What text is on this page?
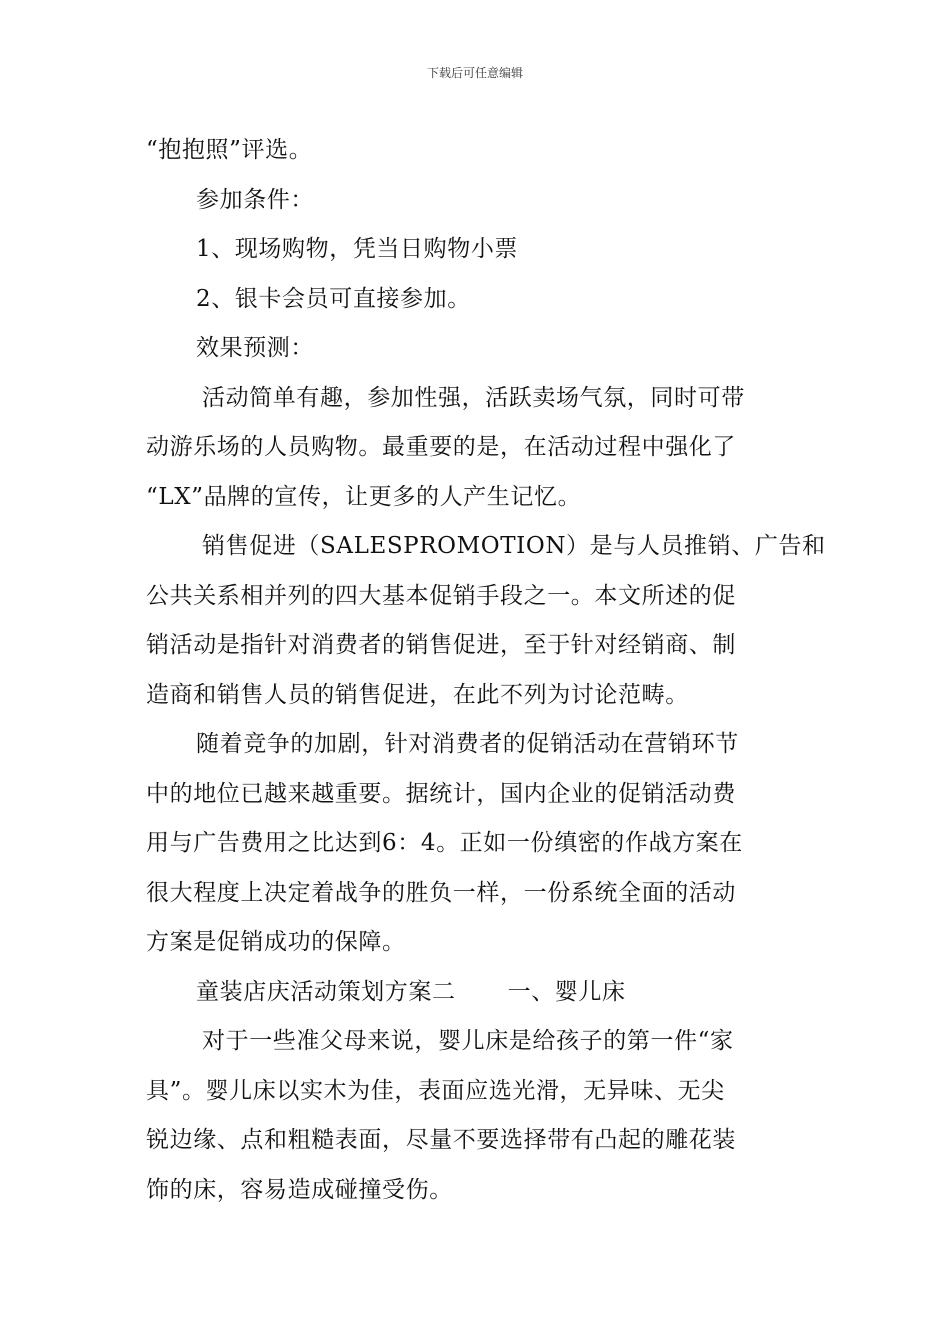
下载后可任意编辑
“抱抱照”评选。
参加条件：
1、现场购物，凭当日购物小票
2、银卡会员可直接参加。
效果预测：
活动简单有趣，参加性强，活跃卖场气氛，同时可带
动游乐场的人员购物。最重要的是，在活动过程中强化了
“LX”品牌的宣传，让更多的人产生记忆。
销售促进（SALESPROMOTION）是与人员推销、广告和
公共关系相并列的四大基本促销手段之一。本文所述的促
销活动是指针对消费者的销售促进，至于针对经销商、制
造商和销售人员的销售促进，在此不列为讨论范畴。
随着竞争的加剧，针对消费者的促销活动在营销环节
中的地位已越来越重要。据统计，国内企业的促销活动费
用与广告费用之比达到6：4。正如一份缜密的作战方案在
很大程度上决定着战争的胜负一样，一份系统全面的活动
方案是促销成功的保障。
童装店庆活动策划方案二 一、婴儿床
对于一些准父母来说，婴儿床是给孩子的第一件“家
具”。婴儿床以实木为佳，表面应选光滑，无异味、无尖
锐边缘、点和粗糙表面，尽量不要选择带有凸起的雕花装
饰的床，容易造成碰撞受伤。
